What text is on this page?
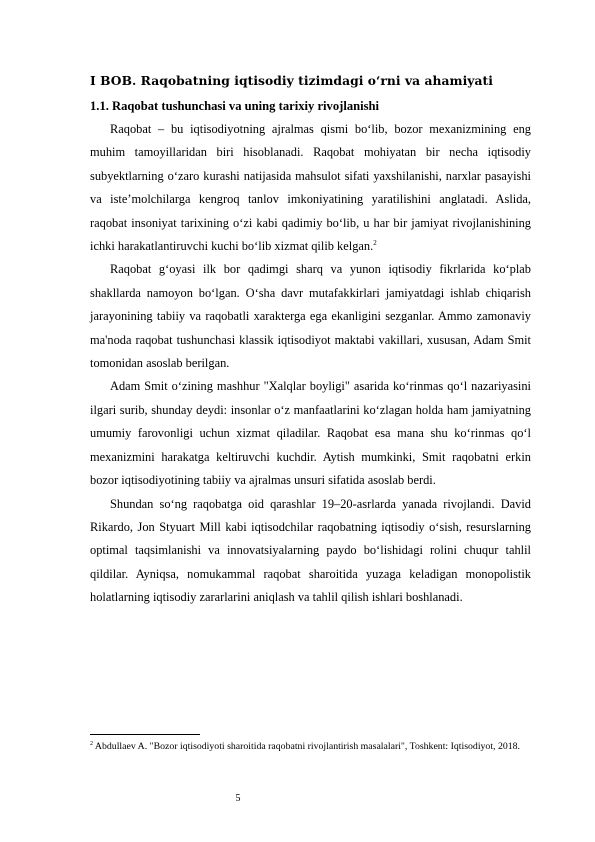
I BOB. Raqobatning iqtisodiy tizimdagi o‘rni va ahamiyati
1.1. Raqobat tushunchasi va uning tarixiy rivojlanishi

Raqobat – bu iqtisodiyotning ajralmas qismi bo‘lib, bozor mexanizmining eng muhim tamoyillaridan biri hisoblanadi. Raqobat mohiyatan bir necha iqtisodiy subyektlarning o‘zaro kurashi natijasida mahsulot sifati yaxshilanishi, narxlar pasayishi va iste’molchilarga kengroq tanlov imkoniyatining yaratilishini anglatadi. Aslida, raqobat insoniyat tarixining o‘zi kabi qadimiy bo‘lib, u har bir jamiyat rivojlanishining ichki harakatlantiruvchi kuchi bo‘lib xizmat qilib kelgan.$^2$

Raqobat g‘oyasi ilk bor qadimgi sharq va yunon iqtisodiy fikrlarida ko‘plab shakllarda namoyon bo‘lgan. O‘sha davr mutafakkirlari jamiyatdagi ishlab chiqarish jarayonining tabiiy va raqobatli xarakterga ega ekanligini sezganlar. Ammo zamonaviy ma'noda raqobat tushunchasi klassik iqtisodiyot maktabi vakillari, xususan, Adam Smit tomonidan asoslab berilgan.

Adam Smit o‘zining mashhur "Xalqlar boyligi" asarida ko‘rinmas qo‘l nazariyasini ilgari surib, shunday deydi: insonlar o‘z manfaatlarini ko‘zlagan holda ham jamiyatning umumiy farovonligi uchun xizmat qiladilar. Raqobat esa mana shu ko‘rinmas qo‘l mexanizmini harakatga keltiruvchi kuchdir. Aytish mumkinki, Smit raqobatni erkin bozor iqtisodiyotining tabiiy va ajralmas unsuri sifatida asoslab berdi.

Shundan so‘ng raqobatga oid qarashlar 19–20-asrlarda yanada rivojlandi. David Rikardo, Jon Styuart Mill kabi iqtisodchilar raqobatning iqtisodiy o‘sish, resurslarning optimal taqsimlanishi va innovatsiyalarning paydo bo‘lishidagi rolini chuqur tahlil qildilar. Ayniqsa, nomukammal raqobat sharoitida yuzaga keladigan monopolistik holatlarning iqtisodiy zararlarini aniqlash va tahlil qilish ishlari boshlanadi.

$^2$ Abdullaev A. "Bozor iqtisodiyoti sharoitida raqobatni rivojlantirish masalalari", Toshkent: Iqtisodiyot, 2018.
5
